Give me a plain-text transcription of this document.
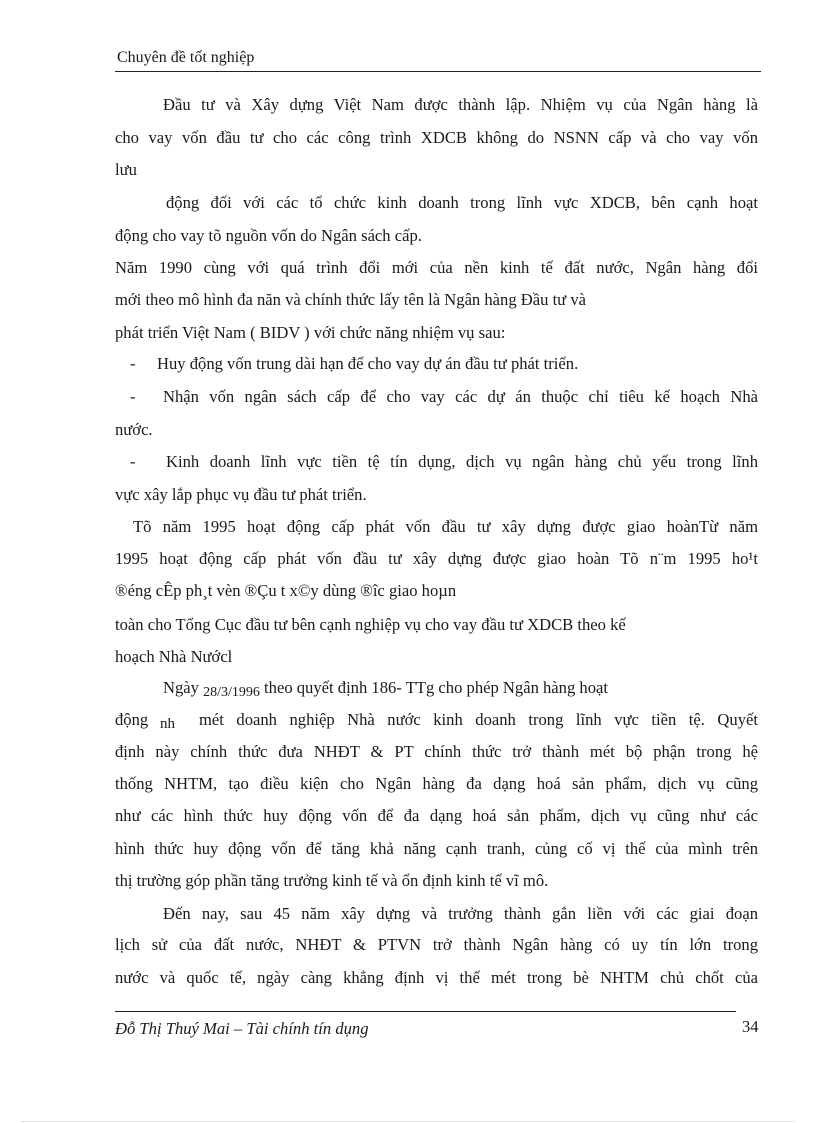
Chuyên đề tốt nghiệp
Đầu tư và Xây dựng Việt Nam được thành lập. Nhiệm vụ của Ngân hàng là
cho vay vốn đầu tư cho các công trình XDCB không do NSNN cấp và cho vay vốn
lưu
động đối với các tổ chức kinh doanh trong lĩnh vực XDCB, bên cạnh hoạt
động cho vay tõ nguồn vốn do Ngân sách cấp.
Năm 1990 cùng với quá trình đổi mới của nền kinh tế đất nước, Ngân hàng đổi
mới theo mô hình đa năn và chính thức lấy tên là Ngân hàng Đầu tư và
phát triển Việt Nam ( BIDV ) với chức năng nhiệm vụ sau:
- Huy động vốn trung dài hạn để cho vay dự án đầu tư phát triển.
- Nhận vốn ngân sách cấp để cho vay các dự án thuộc chỉ tiêu kế hoạch Nhà
nước.
- Kinh doanh lĩnh vực tiền tệ tín dụng, dịch vụ ngân hàng chủ yếu trong lĩnh
vực xây lắp phục vụ đầu tư phát triển.
Tõ năm 1995 hoạt động cấp phát vốn đầu tư xây dựng được giao hoànTừ năm
1995 hoạt động cấp phát vốn đầu tư xây dựng được giao hoàn Tõ n¨m 1995 ho¹t
®éng cÊp ph¸t vèn ®Çu t x©y dùng ®îc giao hoµn
toàn cho Tổng Cục đầu tư bên cạnh nghiệp vụ cho vay đầu tư XDCB theo kế
hoạch Nhà Nướcl
Ngày 28/3/1996 theo quyết định 186- TTg cho phép Ngân hàng hoạt
động nh mét doanh nghiệp Nhà nước kinh doanh trong lĩnh vực tiền tệ. Quyết
định này chính thức đưa NHĐT & PT chính thức trở thành mét bộ phận trong hệ
thống NHTM, tạo điều kiện cho Ngân hàng đa dạng hoá sản phẩm, dịch vụ cũng
như các hình thức huy động vốn để đa dạng hoá sản phẩm, dịch vụ cũng như các
hình thức huy động vốn để tăng khả năng cạnh tranh, củng cố vị thế của mình trên
thị trường góp phần tăng trưởng kinh tế và ổn định kinh tế vĩ mô.
Đến nay, sau 45 năm xây dựng và trưởng thành gắn liền với các giai đoạn
lịch sử của đất nước, NHĐT & PTVN trở thành Ngân hàng có uy tín lớn trong
nước và quốc tế, ngày càng khẳng định vị thế mét trong bè NHTM chủ chốt của
Đỗ Thị Thuý Mai – Tài chính tín dụng	34
